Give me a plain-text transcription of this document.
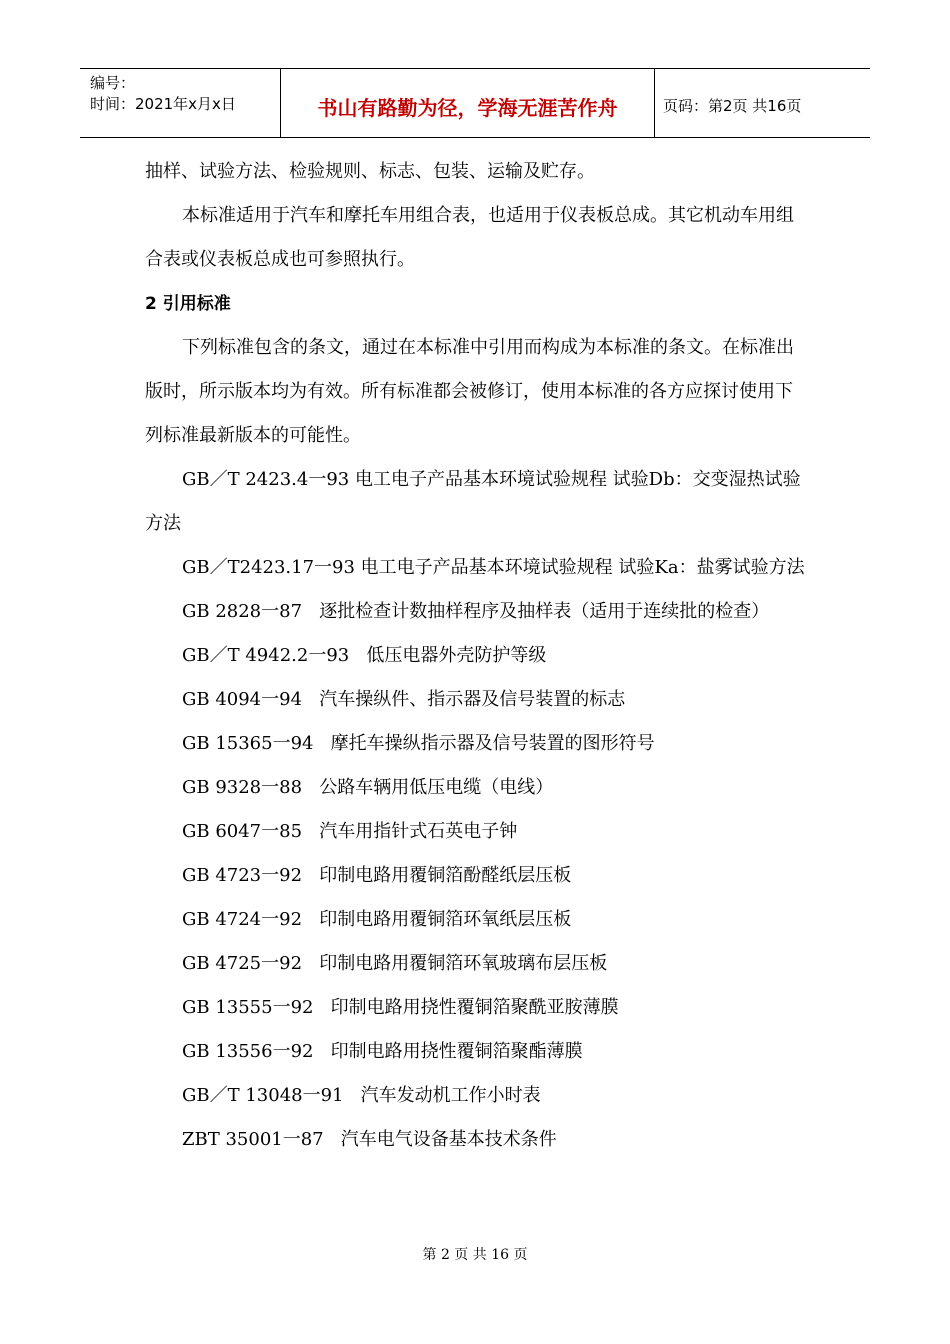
编号：
时间：2021年x月x日	书山有路勤为径，学海无涯苦作舟	页码：第2页 共16页

抽样、试验方法、检验规则、标志、包装、运输及贮存。

本标准适用于汽车和摩托车用组合表，也适用于仪表板总成。其它机动车用组合表或仪表板总成也可参照执行。

2 引用标准

下列标准包含的条文，通过在本标准中引用而构成为本标准的条文。在标准出版时，所示版本均为有效。所有标准都会被修订，使用本标准的各方应探讨使用下列标准最新版本的可能性。

GB／T 2423.4一93 电工电子产品基本环境试验规程 试验Db：交变湿热试验方法

GB／T2423.17一93 电工电子产品基本环境试验规程 试验Ka：盐雾试验方法

GB 2828一87   逐批检查计数抽样程序及抽样表（适用于连续批的检查）

GB／T 4942.2一93   低压电器外壳防护等级

GB 4094一94   汽车操纵件、指示器及信号装置的标志

GB 15365一94   摩托车操纵指示器及信号装置的图形符号

GB 9328一88   公路车辆用低压电缆（电线）

GB 6047一85   汽车用指针式石英电子钟

GB 4723一92   印制电路用覆铜箔酚醛纸层压板

GB 4724一92   印制电路用覆铜箔环氧纸层压板

GB 4725一92   印制电路用覆铜箔环氧玻璃布层压板

GB 13555一92   印制电路用挠性覆铜箔聚酰亚胺薄膜

GB 13556一92   印制电路用挠性覆铜箔聚酯薄膜

GB／T 13048一91   汽车发动机工作小时表

ZBT 35001一87   汽车电气设备基本技术条件

第 2 页 共 16 页
